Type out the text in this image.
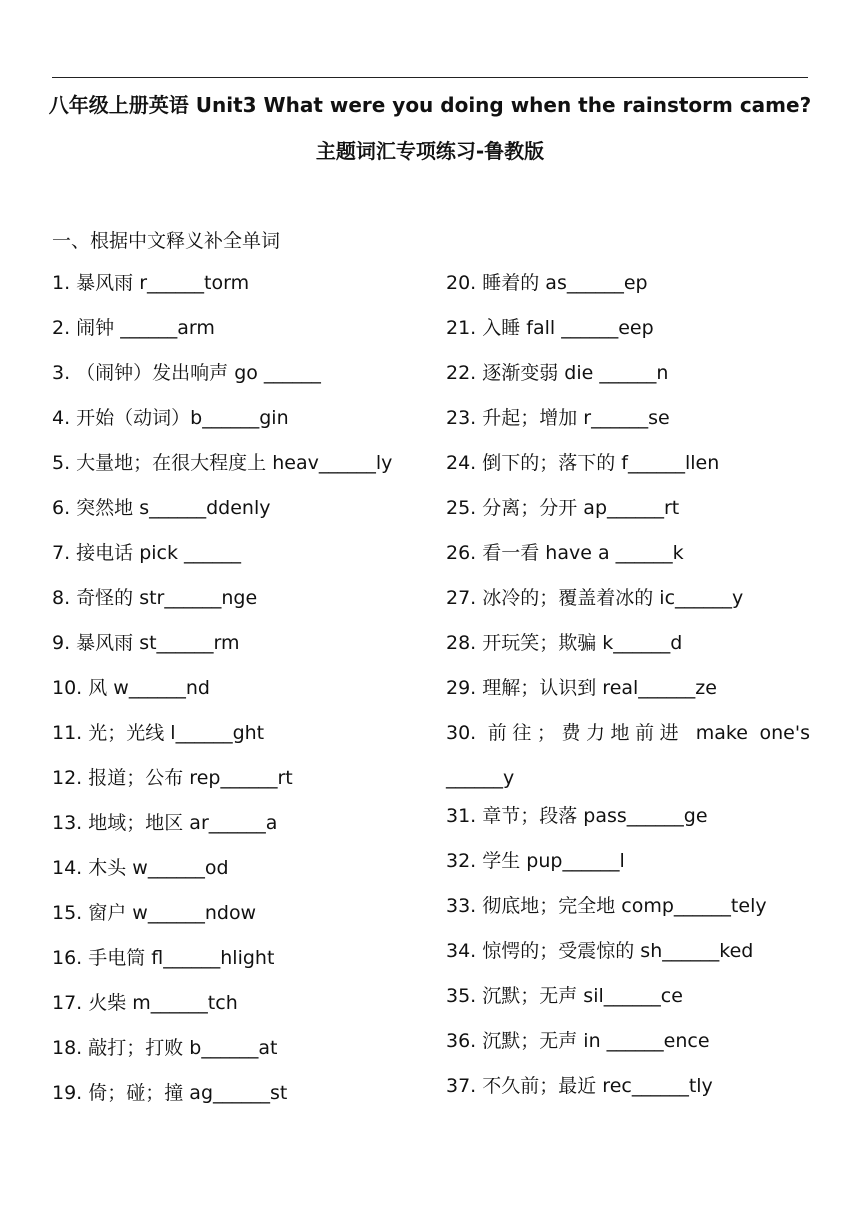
八年级上册英语 Unit3 What were you doing when the rainstorm came?
主题词汇专项练习-鲁教版
一、根据中文释义补全单词
1. 暴风雨 r______torm
2. 闹钟 ______arm
3. （闹钟）发出响声 go ______
4. 开始（动词）b______gin
5. 大量地；在很大程度上 heav______ly
6. 突然地 s______ddenly
7. 接电话 pick ______
8. 奇怪的 str______nge
9. 暴风雨 st______rm
10. 风 w______nd
11. 光；光线 l______ght
12. 报道；公布 rep______rt
13. 地域；地区 ar______a
14. 木头 w______od
15. 窗户 w______ndow
16. 手电筒 fl______hlight
17. 火柴 m______tch
18. 敲打；打败 b______at
19. 倚；碰；撞 ag______st
20. 睡着的 as______ep
21. 入睡 fall ______eep
22. 逐渐变弱 die ______n
23. 升起；增加 r______se
24. 倒下的；落下的 f______llen
25. 分离；分开 ap______rt
26. 看一看 have a ______k
27. 冰冷的；覆盖着冰的 ic______y
28. 开玩笑；欺骗 k______d
29. 理解；认识到 real______ze
30. 前往；费力地前进 make one's ______y
31. 章节；段落 pass______ge
32. 学生 pup______l
33. 彻底地；完全地 comp______tely
34. 惊愕的；受震惊的 sh______ked
35. 沉默；无声 sil______ce
36. 沉默；无声 in ______ence
37. 不久前；最近 rec______tly
